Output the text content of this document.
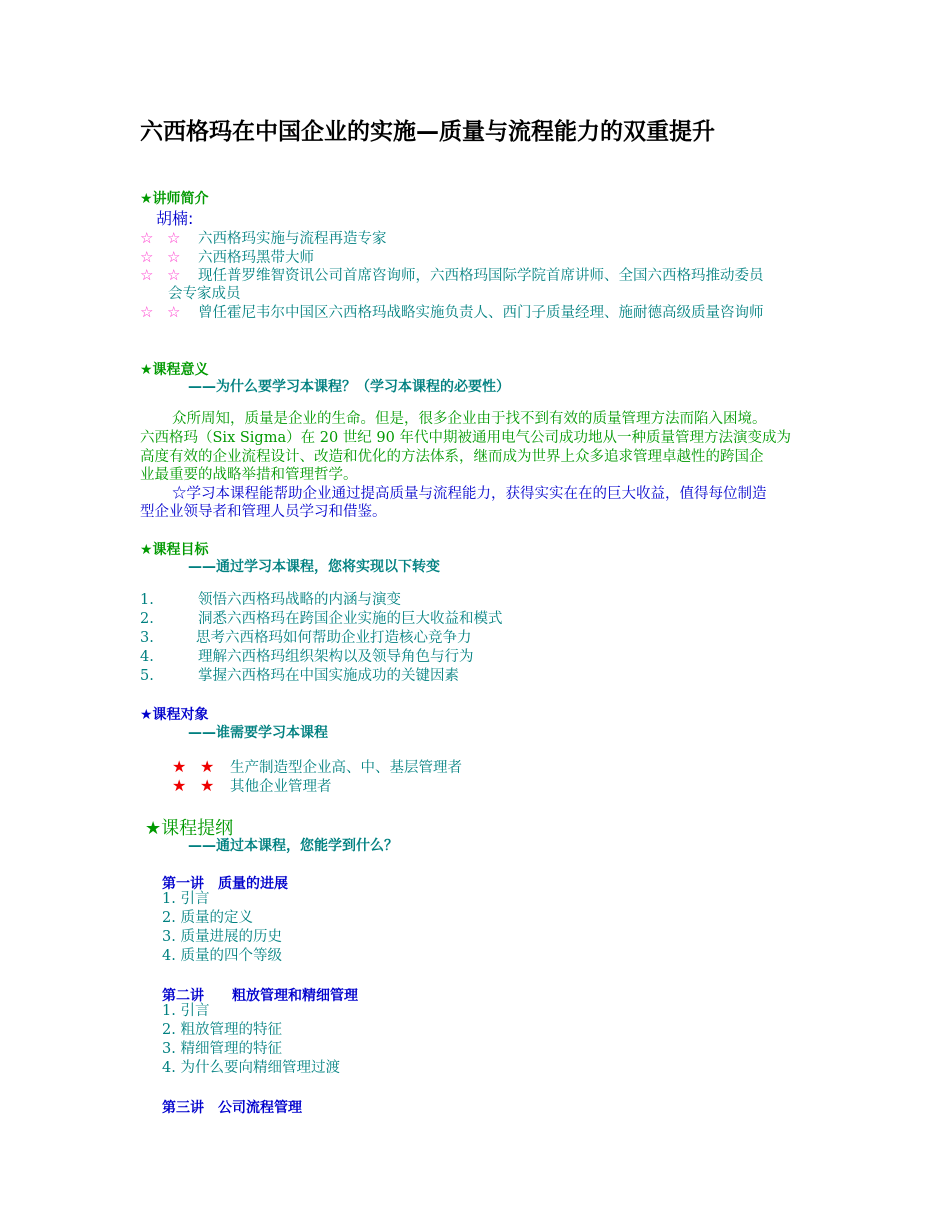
六西格玛在中国企业的实施—质量与流程能力的双重提升
★讲师简介
胡楠:
☆ ☆	六西格玛实施与流程再造专家
☆ ☆	六西格玛黑带大师
☆ ☆	现任普罗维智资讯公司首席咨询师，六西格玛国际学院首席讲师、全国六西格玛推动委员
会专家成员
☆ ☆	曾任霍尼韦尔中国区六西格玛战略实施负责人、西门子质量经理、施耐德高级质量咨询师
★课程意义
——为什么要学习本课程？（学习本课程的必要性）
众所周知，质量是企业的生命。但是，很多企业由于找不到有效的质量管理方法而陷入困境。
六西格玛（Six Sigma）在 20 世纪 90 年代中期被通用电气公司成功地从一种质量管理方法演变成为
高度有效的企业流程设计、改造和优化的方法体系，继而成为世界上众多追求管理卓越性的跨国企
业最重要的战略举措和管理哲学。
☆学习本课程能帮助企业通过提高质量与流程能力，获得实实在在的巨大收益，值得每位制造
型企业领导者和管理人员学习和借鉴。
★课程目标
——通过学习本课程，您将实现以下转变
1.	领悟六西格玛战略的内涵与演变
2.	洞悉六西格玛在跨国企业实施的巨大收益和模式
3.	思考六西格玛如何帮助企业打造核心竞争力
4.	理解六西格玛组织架构以及领导角色与行为
5.	掌握六西格玛在中国实施成功的关键因素
★课程对象
——谁需要学习本课程
★ ★ 生产制造型企业高、中、基层管理者
★ ★ 其他企业管理者
★课程提纲
——通过本课程，您能学到什么？
第一讲　质量的进展
1. 引言
2. 质量的定义
3. 质量进展的历史
4. 质量的四个等级
第二讲　　粗放管理和精细管理
1. 引言
2. 粗放管理的特征
3. 精细管理的特征
4. 为什么要向精细管理过渡
第三讲　公司流程管理
